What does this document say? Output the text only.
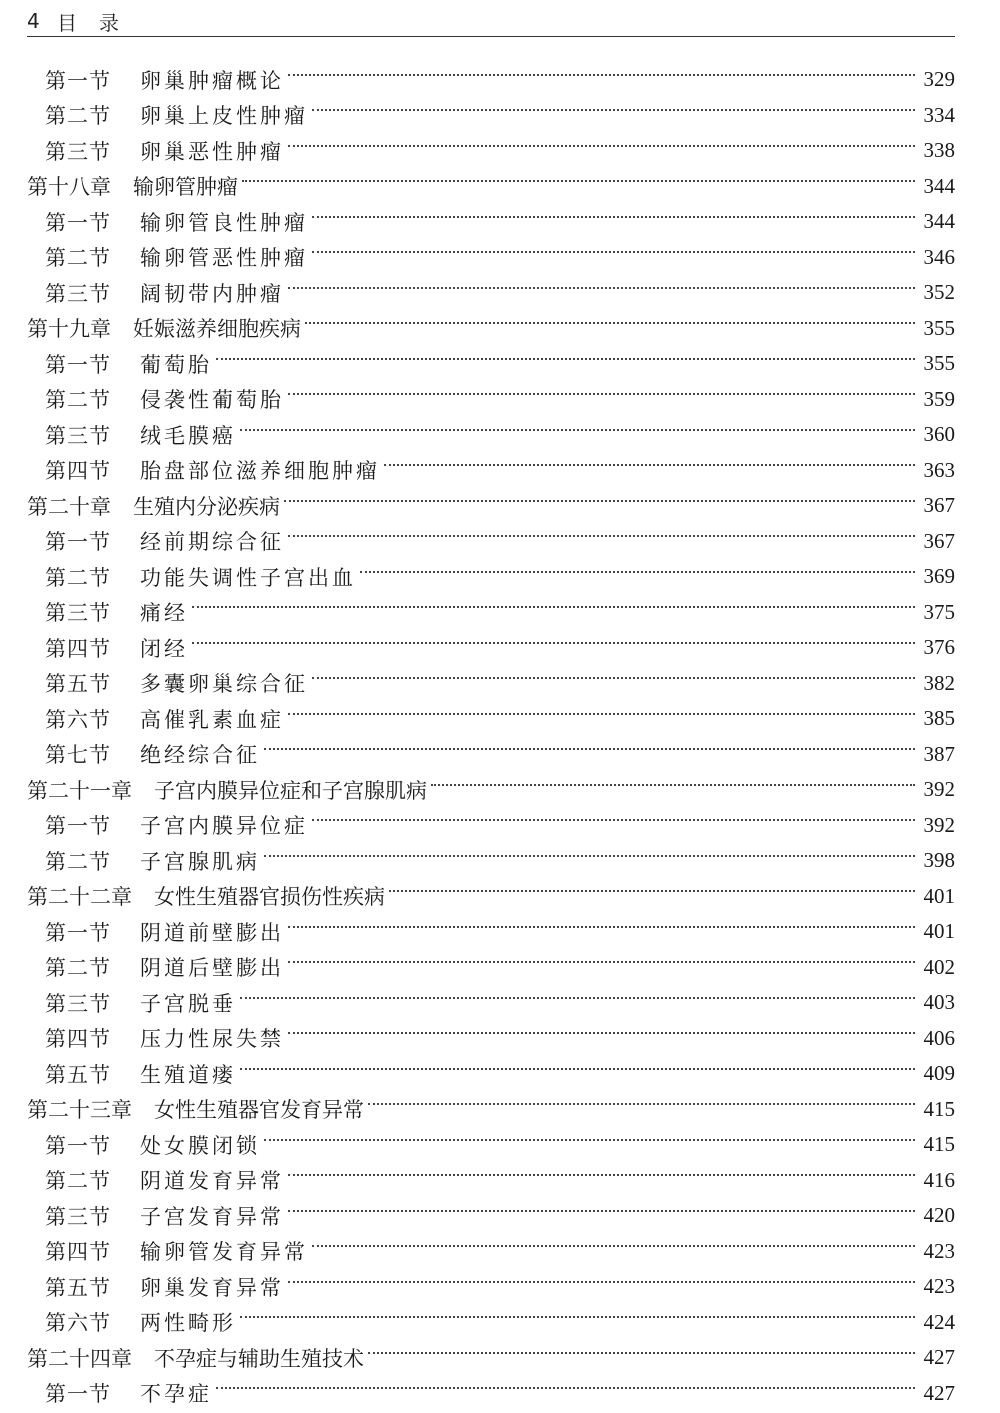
4 目录
第一节	卵巢肿瘤概论	329
第二节	卵巢上皮性肿瘤	334
第三节	卵巢恶性肿瘤	338
第十八章 输卵管肿瘤	344
第一节	输卵管良性肿瘤	344
第二节	输卵管恶性肿瘤	346
第三节	阔韧带内肿瘤	352
第十九章 妊娠滋养细胞疾病	355
第一节	葡萄胎	355
第二节	侵袭性葡萄胎	359
第三节	绒毛膜癌	360
第四节	胎盘部位滋养细胞肿瘤	363
第二十章 生殖内分泌疾病	367
第一节	经前期综合征	367
第二节	功能失调性子宫出血	369
第三节	痛经	375
第四节	闭经	376
第五节	多囊卵巢综合征	382
第六节	高催乳素血症	385
第七节	绝经综合征	387
第二十一章 子宫内膜异位症和子宫腺肌病	392
第一节	子宫内膜异位症	392
第二节	子宫腺肌病	398
第二十二章 女性生殖器官损伤性疾病	401
第一节	阴道前壁膨出	401
第二节	阴道后壁膨出	402
第三节	子宫脱垂	403
第四节	压力性尿失禁	406
第五节	生殖道瘘	409
第二十三章 女性生殖器官发育异常	415
第一节	处女膜闭锁	415
第二节	阴道发育异常	416
第三节	子宫发育异常	420
第四节	输卵管发育异常	423
第五节	卵巢发育异常	423
第六节	两性畸形	424
第二十四章 不孕症与辅助生殖技术	427
第一节	不孕症	427
